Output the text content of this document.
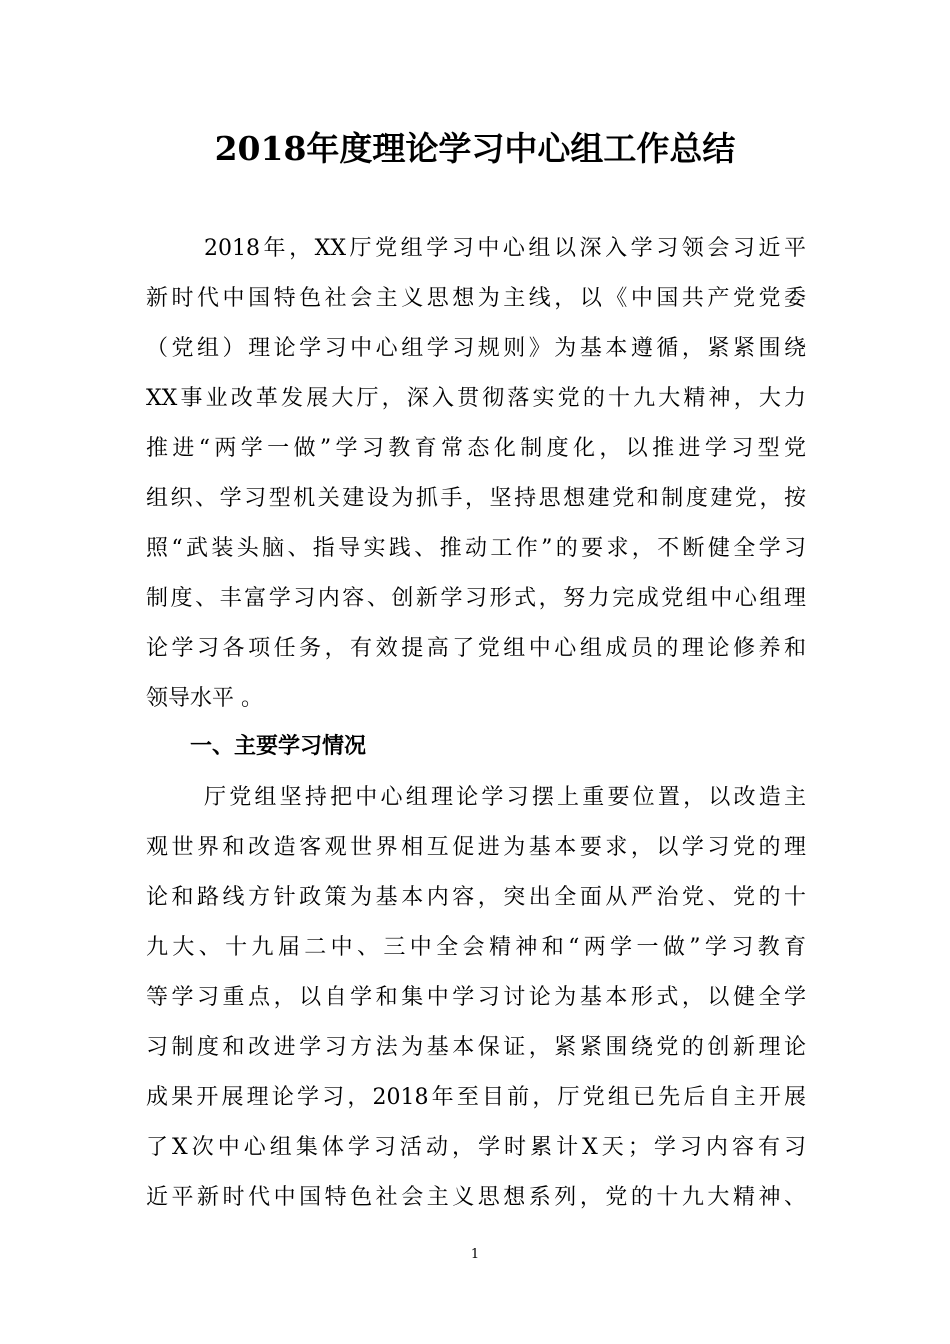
2018年度理论学习中心组工作总结
2018年，XX厅党组学习中心组以深入学习领会习近平
新时代中国特色社会主义思想为主线，以《中国共产党党委
（党组）理论学习中心组学习规则》为基本遵循，紧紧围绕
XX事业改革发展大厅，深入贯彻落实党的十九大精神，大力
推进“两学一做”学习教育常态化制度化，以推进学习型党
组织、学习型机关建设为抓手，坚持思想建党和制度建党，按
照“武装头脑、指导实践、推动工作”的要求，不断健全学习
制度、丰富学习内容、创新学习形式，努力完成党组中心组理
论学习各项任务，有效提高了党组中心组成员的理论修养和
领导水平 。
一、主要学习情况
厅党组坚持把中心组理论学习摆上重要位置，以改造主
观世界和改造客观世界相互促进为基本要求，以学习党的理
论和路线方针政策为基本内容，突出全面从严治党、党的十
九大、十九届二中、三中全会精神和“两学一做”学习教育
等学习重点，以自学和集中学习讨论为基本形式，以健全学
习制度和改进学习方法为基本保证，紧紧围绕党的创新理论
成果开展理论学习，2018年至目前，厅党组已先后自主开展
了X次中心组集体学习活动，学时累计X天；学习内容有习
近平新时代中国特色社会主义思想系列，党的十九大精神、
1
